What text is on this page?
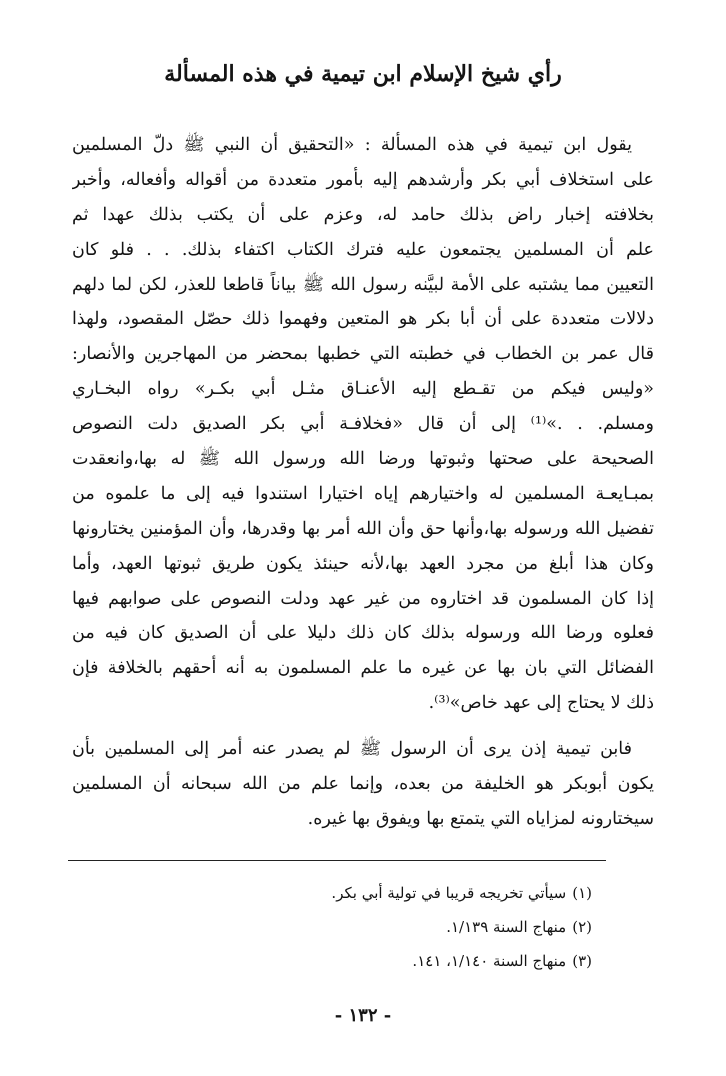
رأي شيخ الإسلام ابن تيمية في هذه المسألة
يقول ابن تيمية في هذه المسألة : «التحقيق أن النبي ﷺ دلّ المسلمين
على استخلاف أبي بكر وأرشدهم إليه بأمور متعددة من أقواله وأفعاله، وأخبر
بخلافته إخبار راض بذلك حامد له، وعزم على أن يكتب بذلك عهدا ثم
علم أن المسلمين يجتمعون عليه فترك الكتاب اكتفاء بذلك. . . فلو كان
التعيين مما يشتبه على الأمة لبيَّنه رسول الله ﷺ بياناً قاطعا للعذر، لكن لما دلهم
دلالات متعددة على أن أبا بكر هو المتعين وفهموا ذلك حصّل المقصود، ولهذا
قال عمر بن الخطاب في خطبته التي خطبها بمحضر من المهاجرين والأنصار:
«وليس فيكم من تقـطع إليه الأعنـاق مثـل أبي بكـر» رواه البخـاري
ومسلم. . .»⁽¹⁾ إلى أن قال «فخلافـة أبي بكر الصديق دلت النصوص
الصحيحة على صحتها وثبوتها ورضا الله ورسول الله ﷺ له بها،وانعقدت
بمبـايعـة المسلمين له واختيارهم إياه اختيارا استندوا فيه إلى ما علموه من
تفضيل الله ورسوله بها،وأنها حق وأن الله أمر بها وقدرها، وأن المؤمنين يختارونها
وكان هذا أبلغ من مجرد العهد بها،لأنه حينئذ يكون طريق ثبوتها العهد، وأما
إذا كان المسلمون قد اختاروه من غير عهد ودلت النصوص على صوابهم فيها
فعلوه ورضا الله ورسوله بذلك كان ذلك دليلا على أن الصديق كان فيه من
الفضائل التي بان بها عن غيره ما علم المسلمون به أنه أحقهم بالخلافة فإن
ذلك لا يحتاج إلى عهد خاص»⁽³⁾.
فابن تيمية إذن يرى أن الرسول ﷺ لم يصدر عنه أمر إلى المسلمين بأن
يكون أبوبكر هو الخليفة من بعده، وإنما علم من الله سبحانه أن المسلمين
سيختارونه لمزاياه التي يتمتع بها ويفوق بها غيره.
(١)سيأتي تخريجه قريبا في تولية أبي بكر.
(٢)منهاج السنة ١/١٣٩.
(٣)منهاج السنة ١/١٤٠، ١٤١.
- ١٣٢ -
